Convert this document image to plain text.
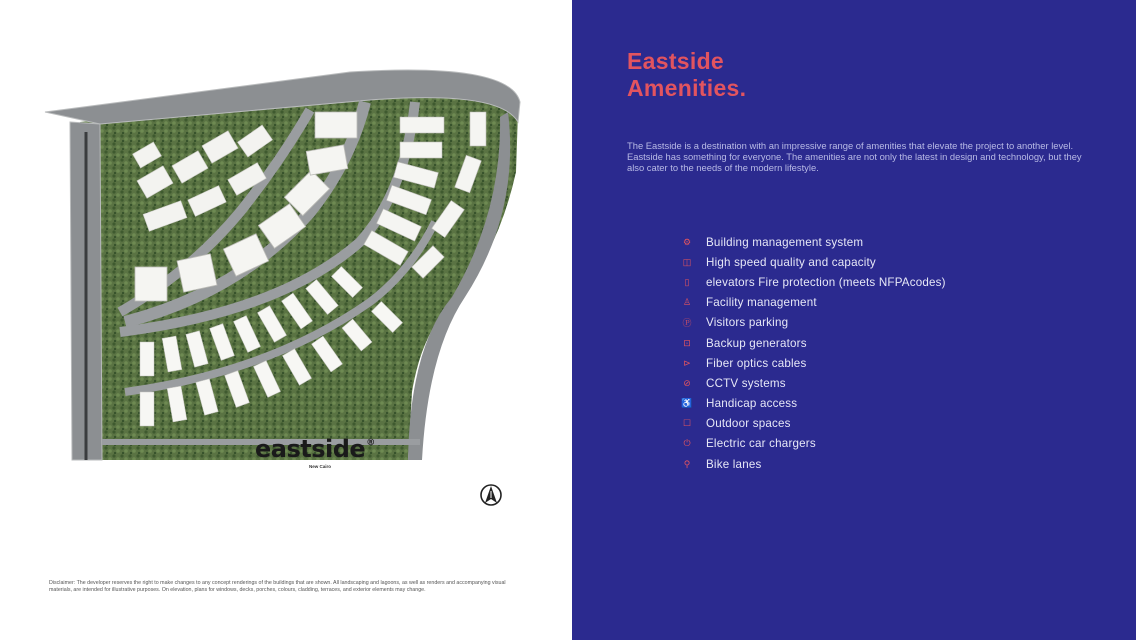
eastside®
New Cairo
Disclaimer: The developer reserves the right to make changes to any concept renderings of the buildings that are shown. All landscaping and lagoons, as well as renders and accompanying visual materials, are intended for illustrative purposes. On elevation, plans for windows, decks, porches, colours, cladding, terraces, and exterior elements may change.
Eastside
Amenities.
The Eastside is a destination with an impressive range of amenities that elevate the project to another level. Eastside has something for everyone. The amenities are not only the latest in design and technology, but they also cater to the needs of the modern lifestyle.
⚙ Building management system
◫ High speed quality and capacity
▯	elevators Fire protection (meets NFPAcodes)
♙ Facility management
Ⓟ Visitors parking
⊡ Backup generators
⊳ Fiber optics cables
⊘ CCTV systems
♿ Handicap access
☐ Outdoor spaces
⏻ Electric car chargers
⚲	Bike lanes
